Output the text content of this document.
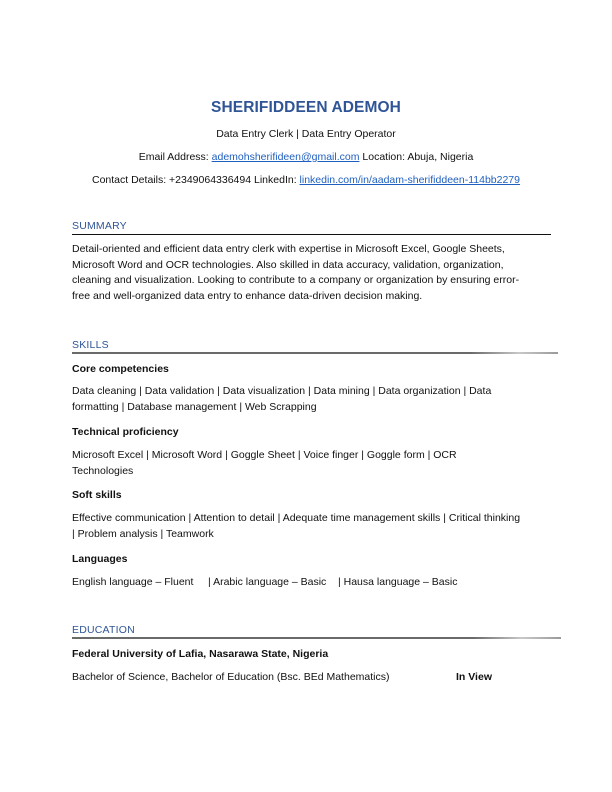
SHERIFIDDEEN ADEMOH
Data Entry Clerk | Data Entry Operator
Email Address: ademohsherifideen@gmail.com Location: Abuja, Nigeria
Contact Details: +2349064336494 LinkedIn: linkedin.com/in/aadam-sherifiddeen-114bb2279
SUMMARY
Detail-oriented and efficient data entry clerk with expertise in Microsoft Excel, Google Sheets, Microsoft Word and OCR technologies. Also skilled in data accuracy, validation, organization, cleaning and visualization. Looking to contribute to a company or organization by ensuring error-free and well-organized data entry to enhance data-driven decision making.
SKILLS
Core competencies
Data cleaning | Data validation | Data visualization | Data mining | Data organization | Data formatting | Database management | Web Scrapping
Technical proficiency
Microsoft Excel | Microsoft Word | Goggle Sheet | Voice finger | Goggle form | OCR Technologies
Soft skills
Effective communication | Attention to detail | Adequate time management skills | Critical thinking | Problem analysis | Teamwork
Languages
English language – Fluent     | Arabic language – Basic    | Hausa language – Basic
EDUCATION
Federal University of Lafia, Nasarawa State, Nigeria
Bachelor of Science, Bachelor of Education (Bsc. BEd Mathematics)	In View
